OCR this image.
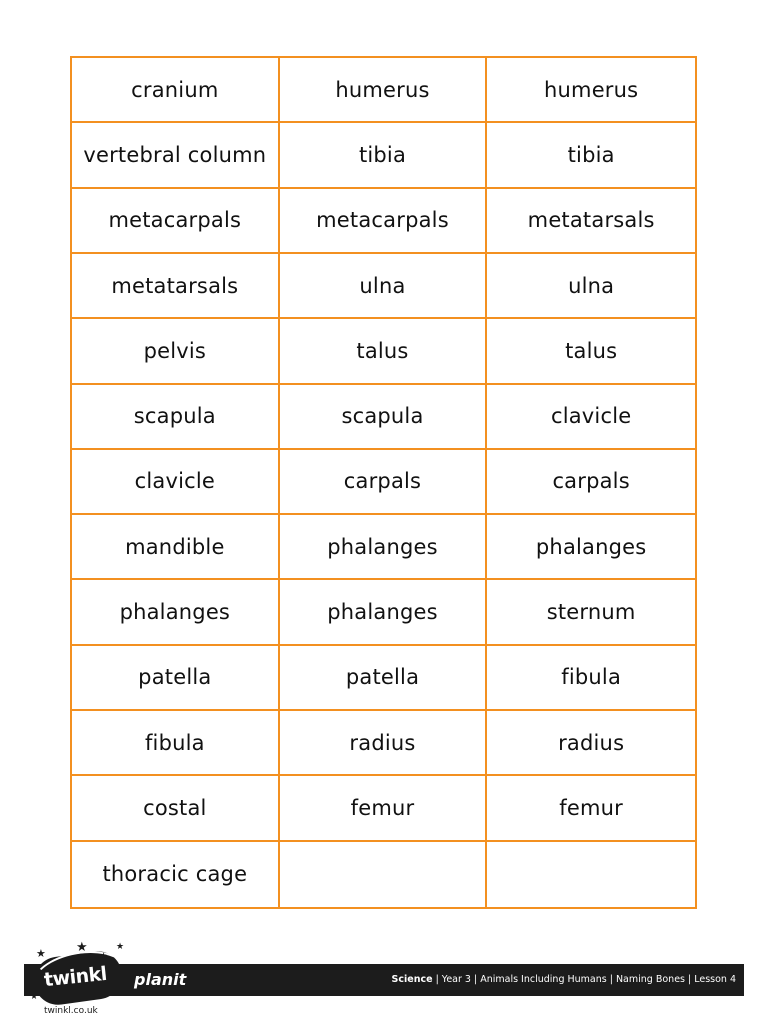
cranium	humerus	humerus
vertebral column	tibia	tibia
metacarpals	metacarpals	metatarsals
metatarsals	ulna	ulna
pelvis	talus	talus
scapula	scapula	clavicle
clavicle	carpals	carpals
mandible	phalanges	phalanges
phalanges	phalanges	sternum
patella	patella	fibula
fibula	radius	radius
costal	femur	femur
thoracic cage
twinkl
★ ★
★
★
★
twinkl.co.uk
planit	Science | Year 3 | Animals Including Humans | Naming Bones | Lesson 4
